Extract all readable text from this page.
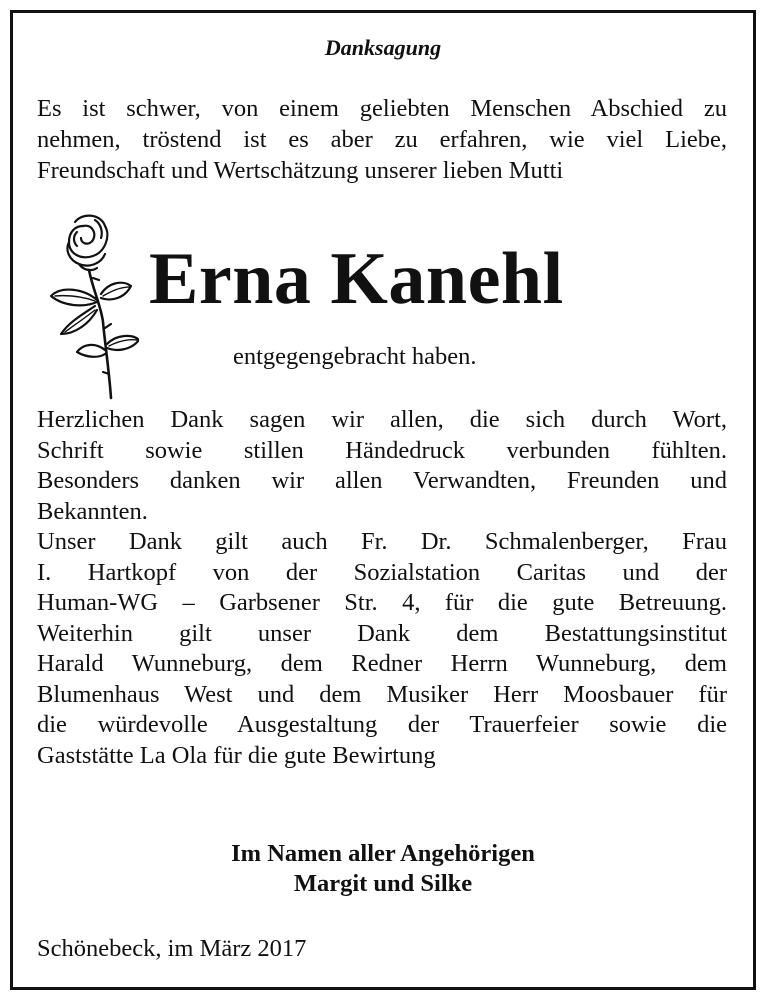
Danksagung

Es ist schwer, von einem geliebten Menschen Abschied zu
nehmen, tröstend ist es aber zu erfahren, wie viel Liebe,
Freundschaft und Wertschätzung unserer lieben Mutti

Erna Kanehl

entgegengebracht haben.

Herzlichen Dank sagen wir allen, die sich durch Wort,
Schrift sowie stillen Händedruck verbunden fühlten.
Besonders danken wir allen Verwandten, Freunden und
Bekannten.
Unser Dank gilt auch Fr. Dr. Schmalenberger, Frau
I. Hartkopf von der Sozialstation Caritas und der
Human-WG – Garbsener Str. 4, für die gute Betreuung.
Weiterhin gilt unser Dank dem Bestattungsinstitut
Harald Wunneburg, dem Redner Herrn Wunneburg, dem
Blumenhaus West und dem Musiker Herr Moosbauer für
die würdevolle Ausgestaltung der Trauerfeier sowie die
Gaststätte La Ola für die gute Bewirtung

Im Namen aller Angehörigen
Margit und Silke

Schönebeck, im März 2017
